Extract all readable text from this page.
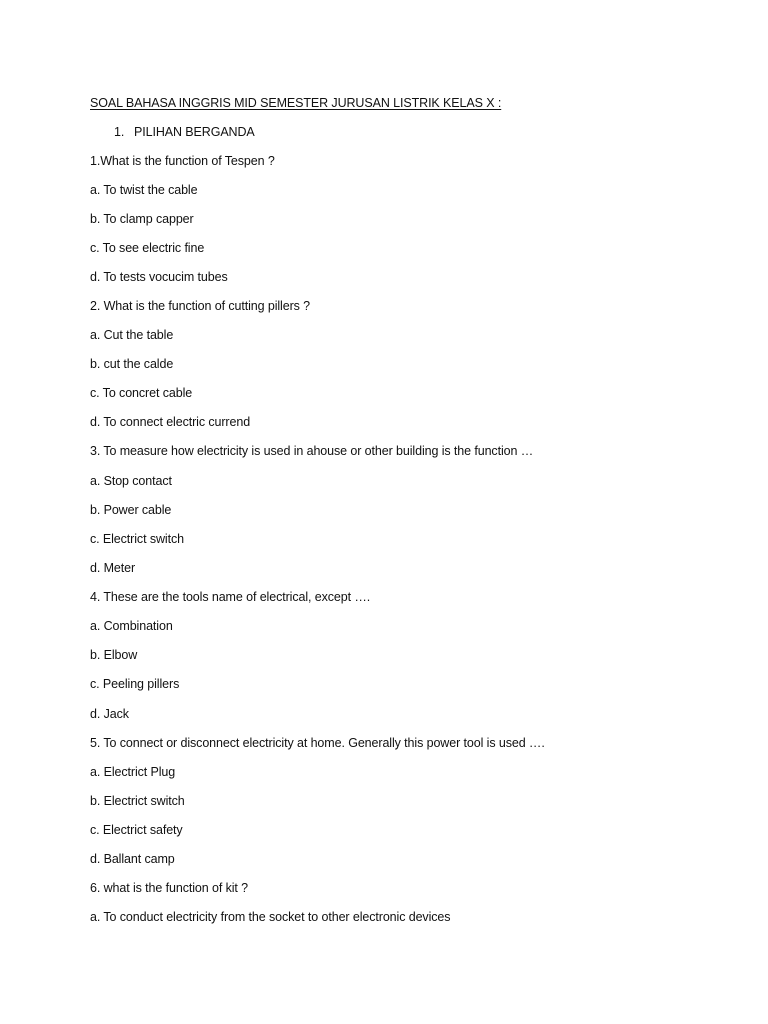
SOAL BAHASA INGGRIS MID SEMESTER JURUSAN LISTRIK KELAS X :
1. PILIHAN BERGANDA
1.What is the function of Tespen ?
a. To twist the cable
b. To clamp capper
c. To see electric fine
d. To tests vocucim tubes
2. What is the function of cutting pillers ?
a. Cut the table
b. cut the calde
c. To concret cable
d. To connect electric currend
3. To measure how electricity is used in ahouse or other building is the function …
a. Stop contact
b. Power cable
c. Electrict switch
d. Meter
4. These are the tools name of electrical, except ….
a. Combination
b. Elbow
c. Peeling pillers
d. Jack
5. To connect or disconnect electricity at home. Generally this power tool is used ….
a. Electrict Plug
b. Electrict switch
c. Electrict safety
d. Ballant camp
6. what is the function of kit ?
a. To conduct electricity from the socket to other electronic devices
